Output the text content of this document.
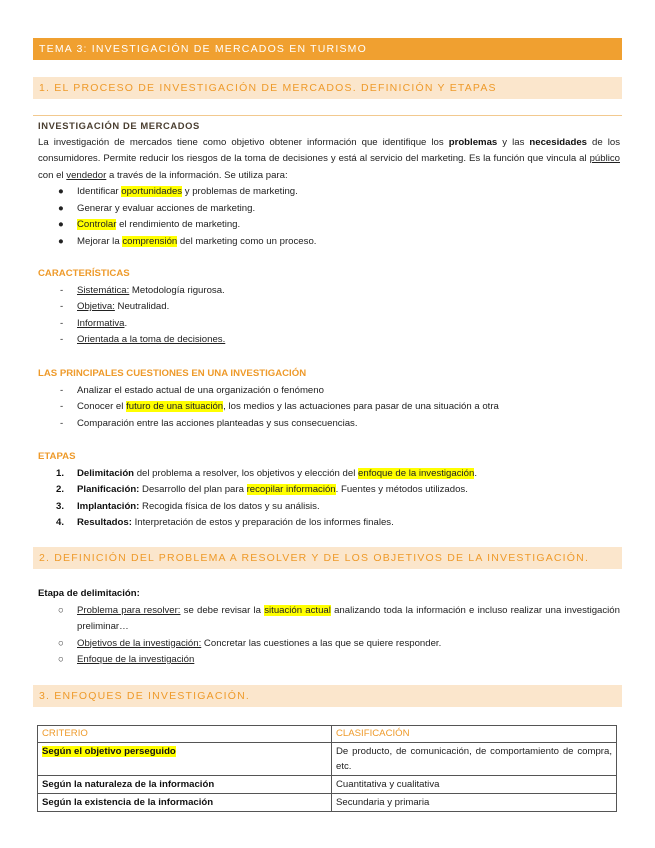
TEMA 3: INVESTIGACIÓN DE MERCADOS EN TURISMO
1. EL PROCESO DE INVESTIGACIÓN DE MERCADOS. DEFINICIÓN Y ETAPAS
INVESTIGACIÓN DE MERCADOS
La investigación de mercados tiene como objetivo obtener información que identifique los problemas y las necesidades de los consumidores. Permite reducir los riesgos de la toma de decisiones y está al servicio del marketing. Es la función que vincula al público con el vendedor a través de la información. Se utiliza para:
● Identificar oportunidades y problemas de marketing.
● Generar y evaluar acciones de marketing.
● Controlar el rendimiento de marketing.
● Mejorar la comprensión del marketing como un proceso.
CARACTERÍSTICAS
- Sistemática: Metodología rigurosa.
- Objetiva: Neutralidad.
- Informativa.
- Orientada a la toma de decisiones.
LAS PRINCIPALES CUESTIONES EN UNA INVESTIGACIÓN
- Analizar el estado actual de una organización o fenómeno
- Conocer el futuro de una situación, los medios y las actuaciones para pasar de una situación a otra
- Comparación entre las acciones planteadas y sus consecuencias.
ETAPAS
1. Delimitación del problema a resolver, los objetivos y elección del enfoque de la investigación.
2. Planificación: Desarrollo del plan para recopilar información. Fuentes y métodos utilizados.
3. Implantación: Recogida física de los datos y su análisis.
4. Resultados: Interpretación de estos y preparación de los informes finales.
2. DEFINICIÓN DEL PROBLEMA A RESOLVER Y DE LOS OBJETIVOS DE LA INVESTIGACIÓN.
Etapa de delimitación:
○ Problema para resolver: se debe revisar la situación actual analizando toda la información e incluso realizar una investigación preliminar…
○ Objetivos de la investigación: Concretar las cuestiones a las que se quiere responder.
○ Enfoque de la investigación
3. ENFOQUES DE INVESTIGACIÓN.
CRITERIO	CLASIFICACIÓN
Según el objetivo perseguido	De producto, de comunicación, de comportamiento de compra, etc.
Según la naturaleza de la información	Cuantitativa y cualitativa
Según la existencia de la información	Secundaria y primaria
